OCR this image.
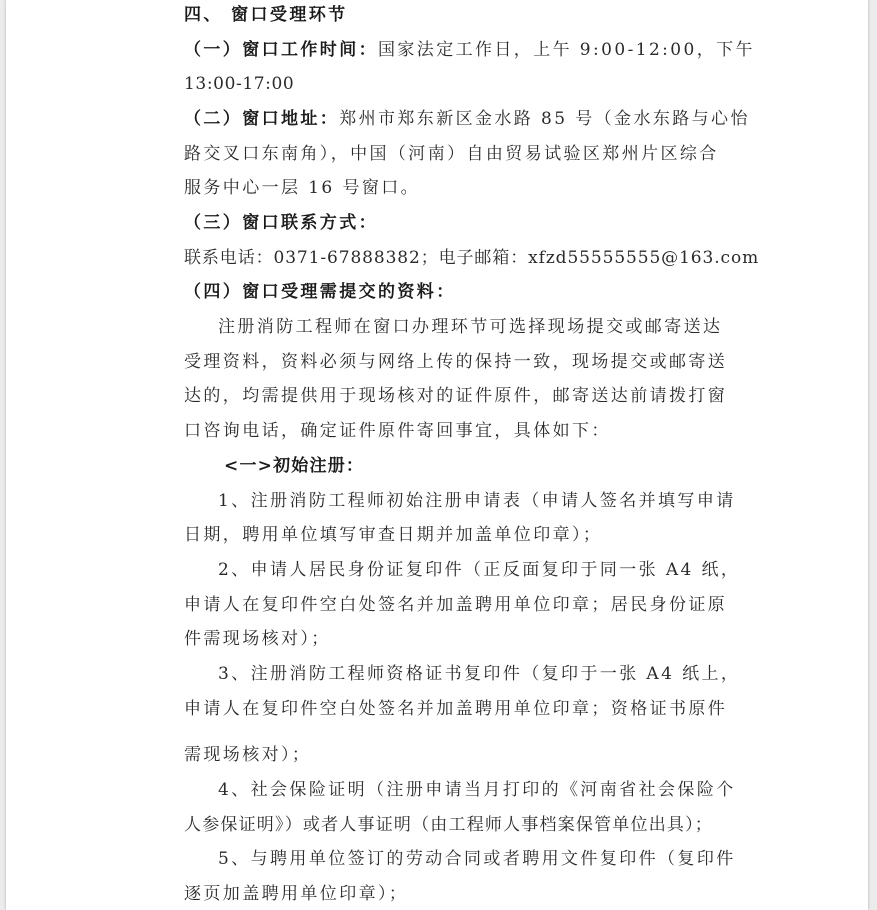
四、 窗口受理环节
（一）窗口工作时间：国家法定工作日，上午 9:00-12:00，下午
13:00-17:00
（二）窗口地址：郑州市郑东新区金水路 85 号（金水东路与心怡
路交叉口东南角），中国（河南）自由贸易试验区郑州片区综合
服务中心一层 16 号窗口。
（三）窗口联系方式：
联系电话：0371-67888382；电子邮箱：xfzd55555555@163.com
（四）窗口受理需提交的资料：
注册消防工程师在窗口办理环节可选择现场提交或邮寄送达
受理资料，资料必须与网络上传的保持一致，现场提交或邮寄送
达的，均需提供用于现场核对的证件原件，邮寄送达前请拨打窗
口咨询电话，确定证件原件寄回事宜，具体如下：
<一>初始注册：
1、注册消防工程师初始注册申请表（申请人签名并填写申请
日期，聘用单位填写审查日期并加盖单位印章）；
2、申请人居民身份证复印件（正反面复印于同一张 A4 纸，
申请人在复印件空白处签名并加盖聘用单位印章；居民身份证原
件需现场核对）；
3、注册消防工程师资格证书复印件（复印于一张 A4 纸上，
申请人在复印件空白处签名并加盖聘用单位印章；资格证书原件
需现场核对）；
4、社会保险证明（注册申请当月打印的《河南省社会保险个
人参保证明》）或者人事证明（由工程师人事档案保管单位出具）；
5、与聘用单位签订的劳动合同或者聘用文件复印件（复印件
逐页加盖聘用单位印章）；
